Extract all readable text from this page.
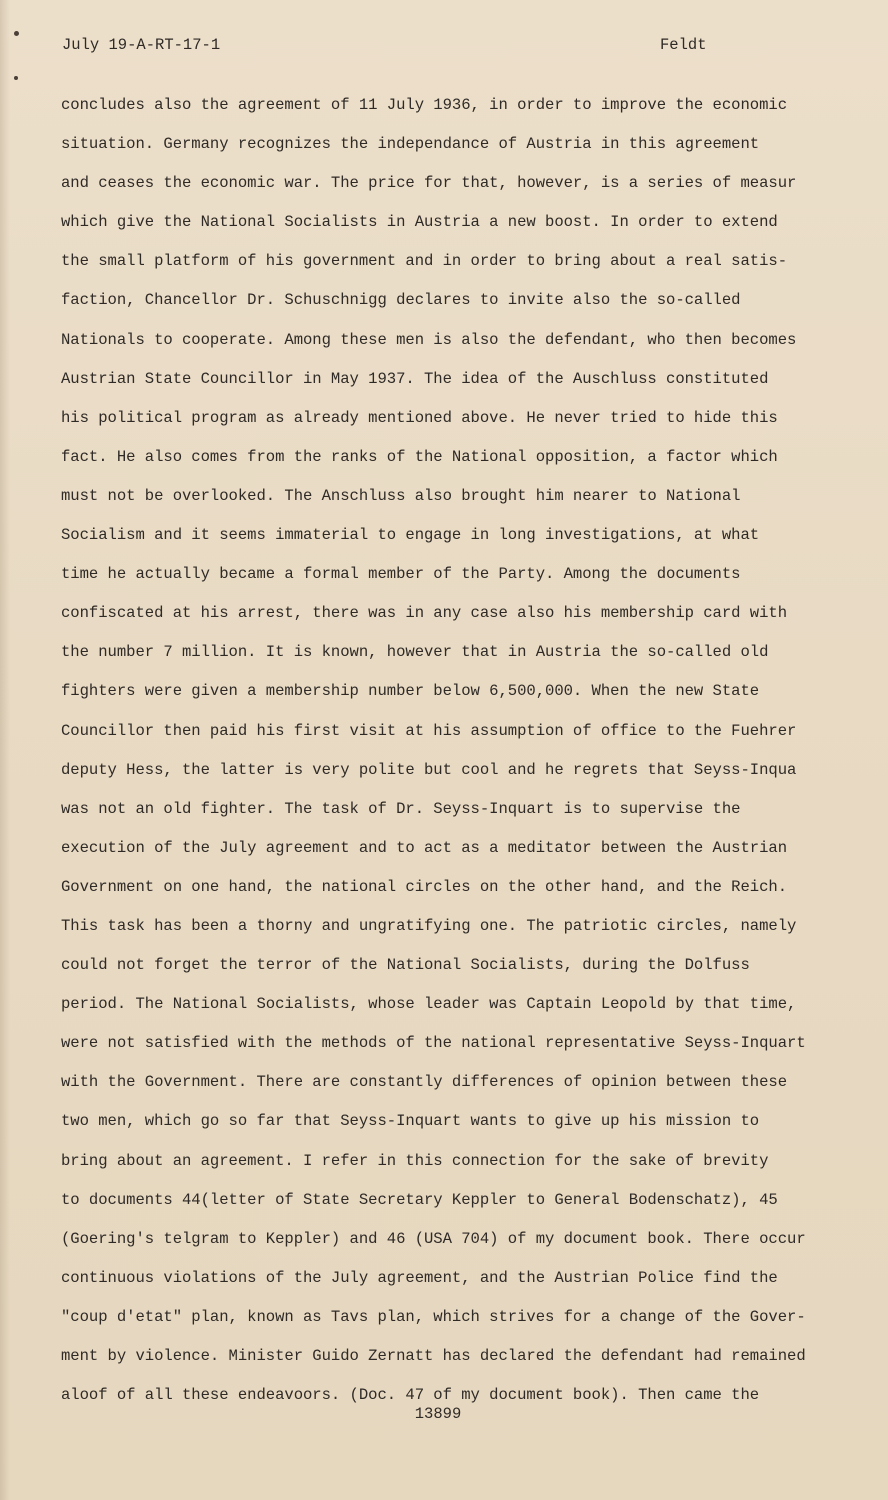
July 19-A-RT-17-1	Feldt
concludes also the agreement of 11 July 1936, in order to improve the economic
situation. Germany recognizes the independance of Austria in this agreement
and ceases the economic war. The price for that, however, is a series of measur
which give the National Socialists in Austria a new boost. In order to extend
the small platform of his government and in order to bring about a real satis-
faction, Chancellor Dr. Schuschnigg declares to invite also the so-called
Nationals to cooperate. Among these men is also the defendant, who then becomes
Austrian State Councillor in May 1937. The idea of the Auschluss constituted
his political program as already mentioned above. He never tried to hide this
fact. He also comes from the ranks of the National opposition, a factor which
must not be overlooked. The Anschluss also brought him nearer to National
Socialism and it seems immaterial to engage in long investigations, at what
time he actually became a formal member of the Party. Among the documents
confiscated at his arrest, there was in any case also his membership card with
the number 7 million. It is known, however that in Austria the so-called old
fighters were given a membership number below 6,500,000. When the new State
Councillor then paid his first visit at his assumption of office to the Fuehrer
deputy Hess, the latter is very polite but cool and he regrets that Seyss-Inqua
was not an old fighter. The task of Dr. Seyss-Inquart is to supervise the
execution of the July agreement and to act as a meditator between the Austrian
Government on one hand, the national circles on the other hand, and the Reich.
This task has been a thorny and ungratifying one. The patriotic circles, namely
could not forget the terror of the National Socialists, during the Dolfuss
period. The National Socialists, whose leader was Captain Leopold by that time,
were not satisfied with the methods of the national representative Seyss-Inquart
with the Government. There are constantly differences of opinion between these
two men, which go so far that Seyss-Inquart wants to give up his mission to
bring about an agreement. I refer in this connection for the sake of brevity
to documents 44(letter of State Secretary Keppler to General Bodenschatz), 45
(Goering's telgram to Keppler) and 46 (USA 704) of my document book. There occur
continuous violations of the July agreement, and the Austrian Police find the
"coup d'etat" plan, known as Tavs plan, which strives for a change of the Gover-
ment by violence. Minister Guido Zernatt has declared the defendant had remained
aloof of all these endeavoors. (Doc. 47 of my document book). Then came the
13899
